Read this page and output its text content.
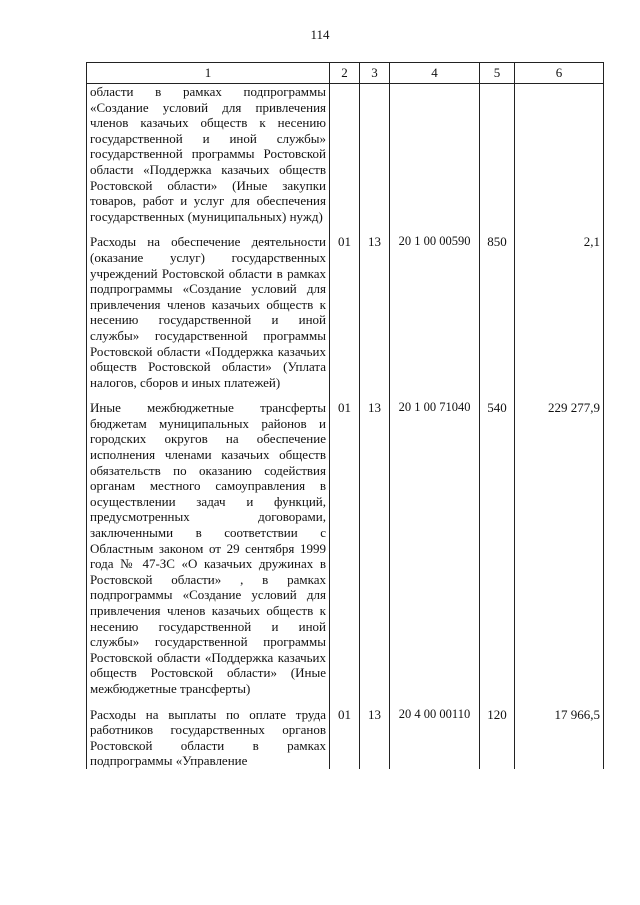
114
1	2	3	4	5	6
области в рамках подпрограммы «Создание условий для привлечения членов казачьих обществ к несению государственной и иной службы» государственной программы Ростовской области «Поддержка казачьих обществ Ростовской области» (Иные закупки товаров, работ и услуг для обеспечения государственных (муниципальных) нужд)					
Расходы на обеспечение деятельности (оказание услуг) государственных учреждений Ростовской области в рамках подпрограммы «Создание условий для привлечения членов казачьих обществ к несению государственной и иной службы» государственной программы Ростовской области «Поддержка казачьих обществ Ростовской области» (Уплата налогов, сборов и иных платежей)	01	13	20 1 00 00590	850	2,1
Иные межбюджетные трансферты бюджетам муниципальных районов и городских округов на обеспечение исполнения членами казачьих обществ обязательств по оказанию содействия органам местного самоуправления в осуществлении задач и функций, предусмотренных договорами, заключенными в соответствии с Областным законом от 29 сентября 1999 года № 47-ЗС «О казачьих дружинах в Ростовской области» , в рамках подпрограммы «Создание условий для привлечения членов казачьих обществ к несению государственной и иной службы» государственной программы Ростовской области «Поддержка казачьих обществ Ростовской области» (Иные межбюджетные трансферты)	01	13	20 1 00 71040	540	229 277,9
Расходы на выплаты по оплате труда работников государственных органов Ростовской области в рамках подпрограммы «Управление	01	13	20 4 00 00110	120	17 966,5
